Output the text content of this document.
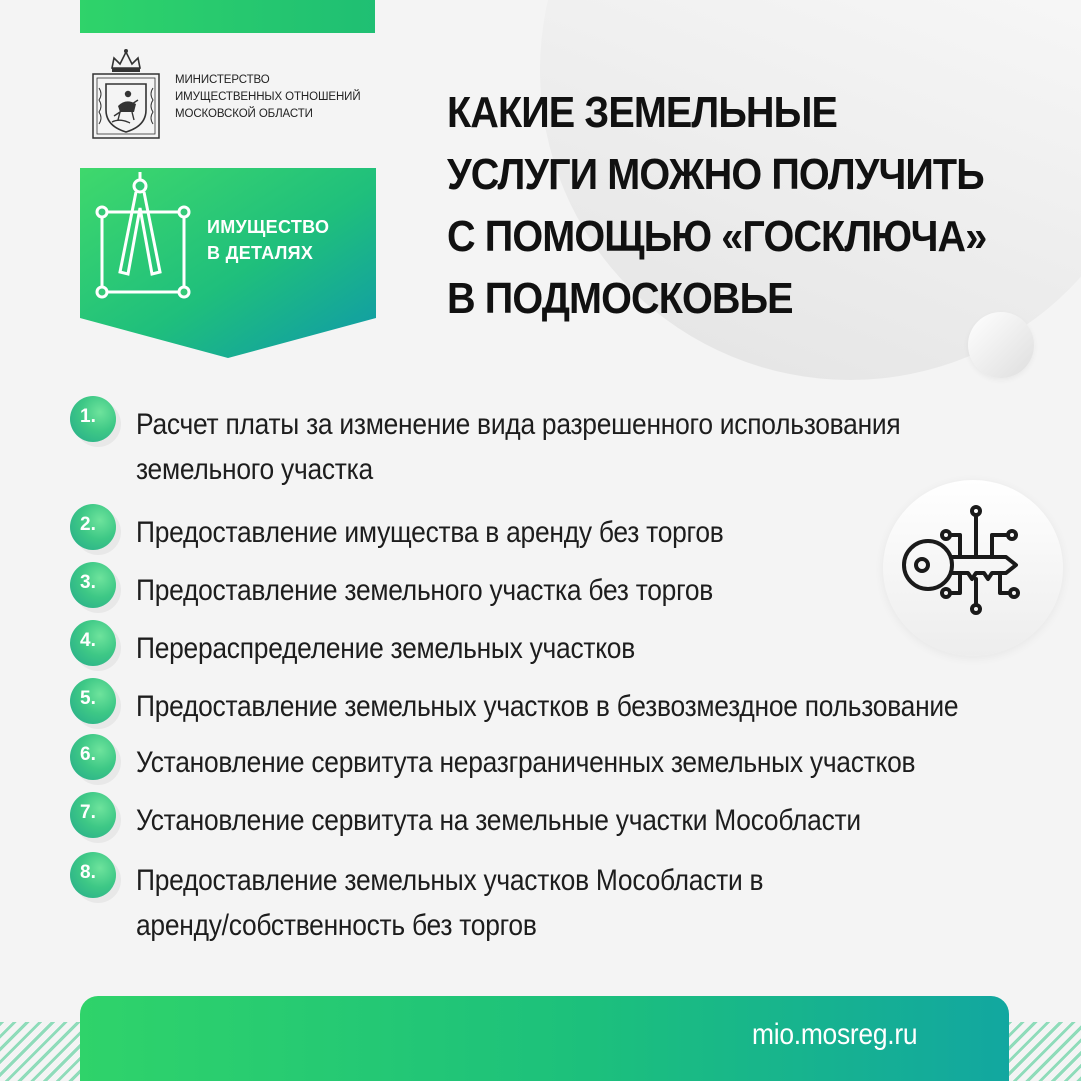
МИНИСТЕРСТВО
ИМУЩЕСТВЕННЫХ ОТНОШЕНИЙ
МОСКОВСКОЙ ОБЛАСТИ
ИМУЩЕСТВО
В ДЕТАЛЯХ
КАКИЕ ЗЕМЕЛЬНЫЕ
УСЛУГИ МОЖНО ПОЛУЧИТЬ
С ПОМОЩЬЮ «ГОСКЛЮЧА»
В ПОДМОСКОВЬЕ
1. Расчет платы за изменение вида разрешенного использования
земельного участка
2. Предоставление имущества в аренду без торгов
3. Предоставление земельного участка без торгов
4. Перераспределение земельных участков
5. Предоставление земельных участков в безвозмездное пользование
6. Установление сервитута неразграниченных земельных участков
7. Установление сервитута на земельные участки Мособласти
8. Предоставление земельных участков Мособласти в
аренду/собственность без торгов
mio.mosreg.ru
